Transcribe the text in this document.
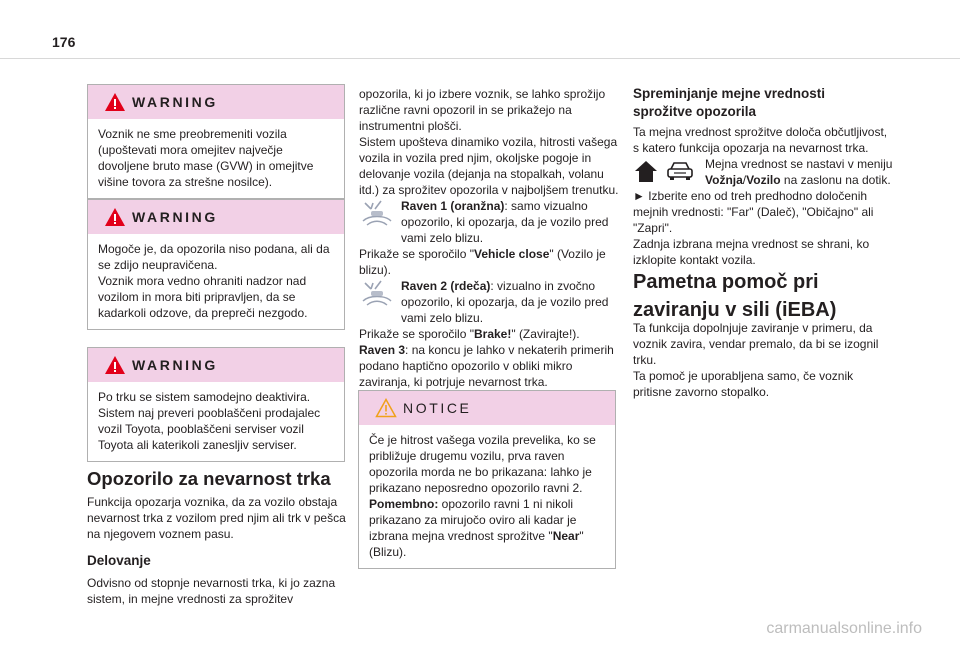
176
WARNING
Voznik ne sme preobremeniti vozila (upoštevati mora omejitev največje dovoljene bruto mase (GVW) in omejitve višine tovora za strešne nosilce).
WARNING

Mogoče je, da opozorila niso podana, ali da se zdijo neupravičena.

Voznik mora vedno ohraniti nadzor nad vozilom in mora biti pripravljen, da se kadarkoli odzove, da prepreči nezgodo.

WARNING
Po trku se sistem samodejno deaktivira. Sistem naj preveri pooblaščeni prodajalec vozil Toyota, pooblaščeni serviser vozil Toyota ali katerikoli zanesljiv serviser.
Opozorilo za nevarnost trka
Funkcija opozarja voznika, da za vozilo obstaja nevarnost trka z vozilom pred njim ali trk v pešca na njegovem voznem pasu.
Delovanje
Odvisno od stopnje nevarnosti trka, ki jo zazna sistem, in mejne vrednosti za sprožitev

opozorila, ki jo izbere voznik, se lahko sprožijo različne ravni opozoril in se prikažejo na instrumentni plošči.

Sistem upošteva dinamiko vozila, hitrosti vašega vozila in vozila pred njim, okoljske pogoje in delovanje vozila (dejanja na stopalkah, volanu itd.) za sprožitev opozorila v najboljšem trenutku.

Raven 1 (oranžna): samo vizualno opozorilo, ki opozarja, da je vozilo pred vami zelo blizu.

Prikaže se sporočilo "Vehicle close" (Vozilo je blizu).

Raven 2 (rdeča): vizualno in zvočno opozorilo, ki opozarja, da je vozilo pred vami zelo blizu.

Prikaže se sporočilo "Brake!" (Zavirajte!).

Raven 3: na koncu je lahko v nekaterih primerih podano haptično opozorilo v obliki mikro zaviranja, ki potrjuje nevarnost trka.

NOTICE

Če je hitrost vašega vozila prevelika, ko se približuje drugemu vozilu, prva raven opozorila morda ne bo prikazana: lahko je prikazano neposredno opozorilo ravni 2.

Pomembno: opozorilo ravni 1 ni nikoli prikazano za mirujočo oviro ali kadar je izbrana mejna vrednost sprožitve "Near" (Blizu).

Spreminjanje mejne vrednosti sprožitve opozorila

Ta mejna vrednost sprožitve določa občutljivost, s katero funkcija opozarja na nevarnost trka.

Mejna vrednost se nastavi v meniju Vožnja/Vozilo na zaslonu na dotik.

► Izberite eno od treh predhodno določenih mejnih vrednosti: "Far" (Daleč), "Običajno" ali "Zapri".

Zadnja izbrana mejna vrednost se shrani, ko izklopite kontakt vozila.

Pametna pomoč pri zaviranju v sili (iEBA)

Ta funkcija dopolnjuje zaviranje v primeru, da voznik zavira, vendar premalo, da bi se izognil trku.

Ta pomoč je uporabljena samo, če voznik pritisne zavorno stopalko.

carmanualsonline.info
